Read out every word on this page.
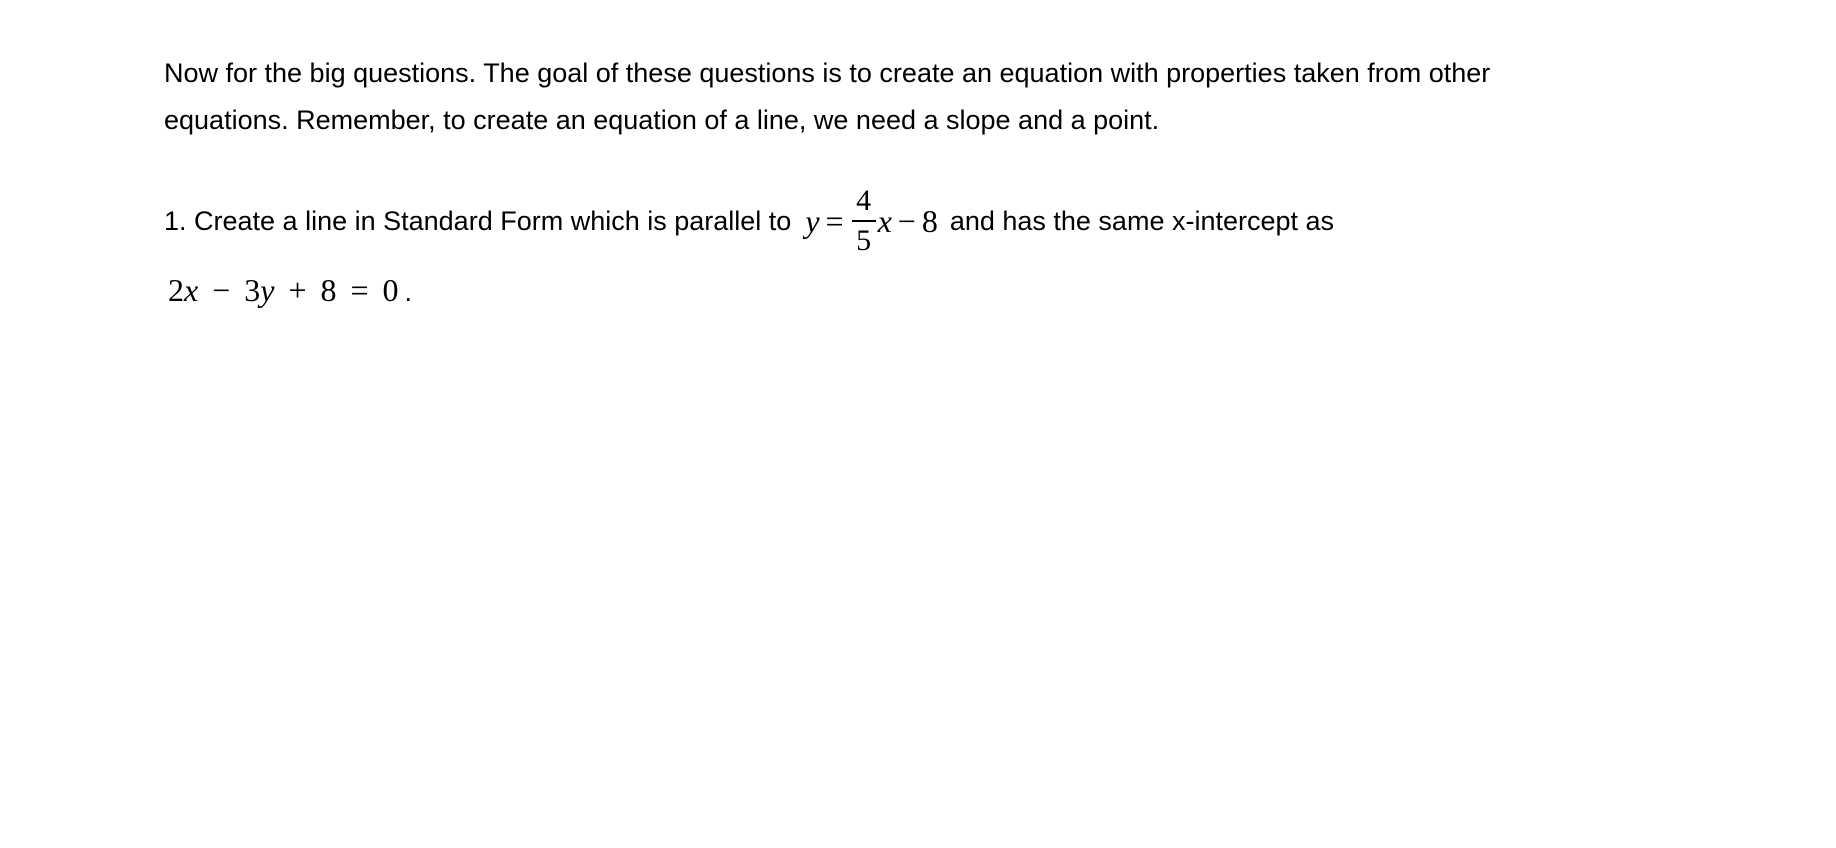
Now for the big questions. The goal of these questions is to create an equation with properties taken from other
equations. Remember, to create an equation of a line, we need a slope and a point.

1. Create a line in Standard Form which is parallel to $y = \frac{4}{5}$ x − 8 and has the same x-intercept as
2x − 3y + 8 = 0 .
